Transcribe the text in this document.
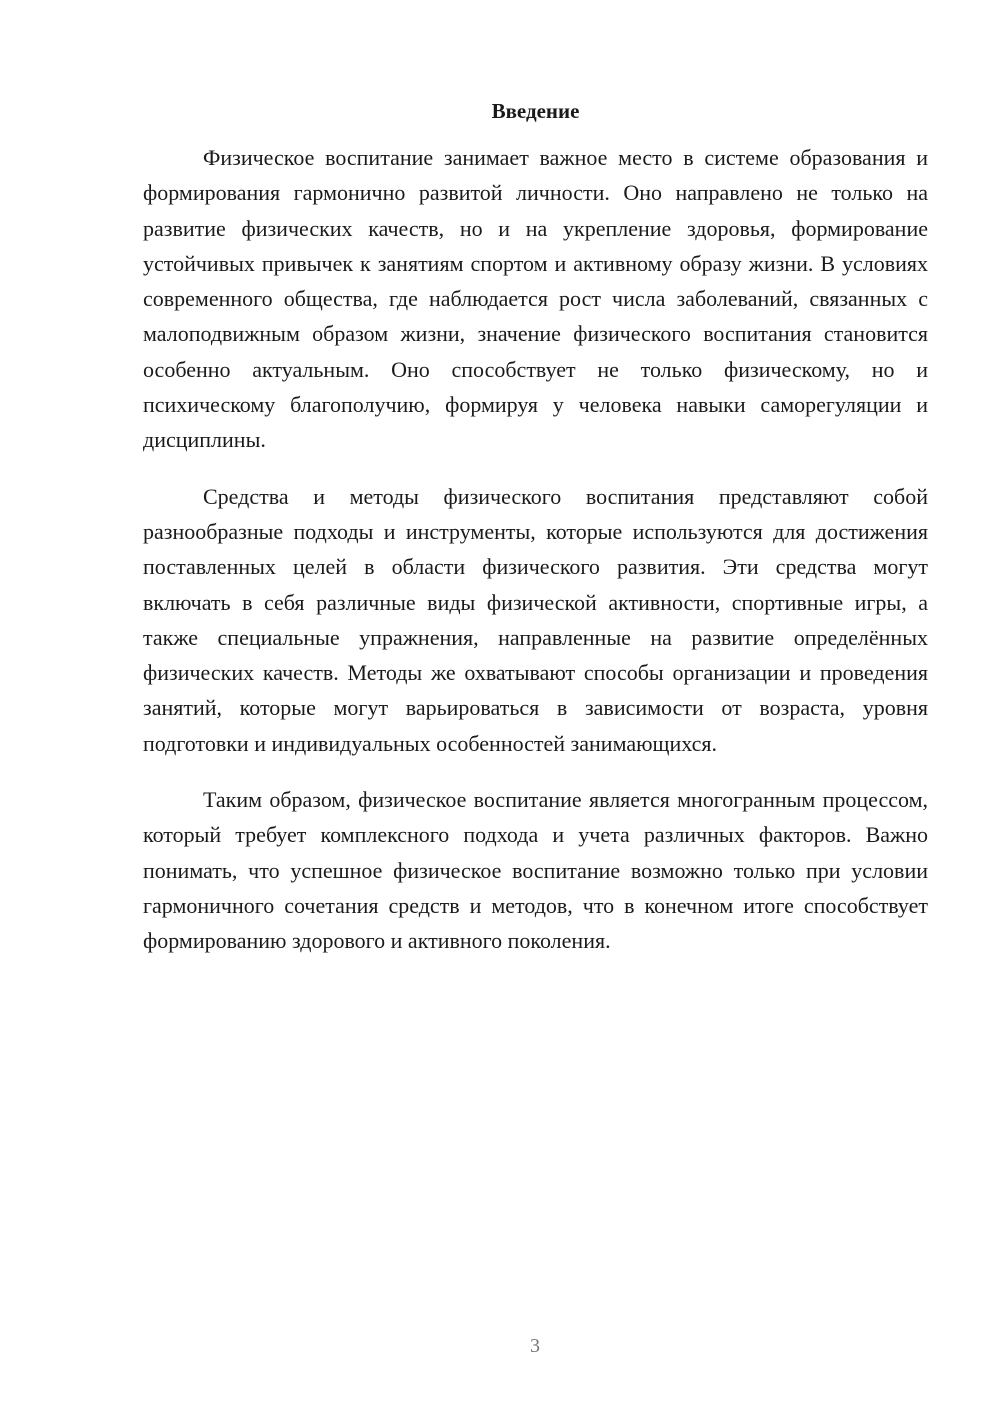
Введение

Физическое воспитание занимает важное место в системе образования и формирования гармонично развитой личности. Оно направлено не только на развитие физических качеств, но и на укрепление здоровья, формирование устойчивых привычек к занятиям спортом и активному образу жизни. В условиях современного общества, где наблюдается рост числа заболеваний, связанных с малоподвижным образом жизни, значение физического воспитания становится особенно актуальным. Оно способствует не только физическому, но и психическому благополучию, формируя у человека навыки саморегуляции и дисциплины.

Средства и методы физического воспитания представляют собой разнообразные подходы и инструменты, которые используются для достижения поставленных целей в области физического развития. Эти средства могут включать в себя различные виды физической активности, спортивные игры, а также специальные упражнения, направленные на развитие определённых физических качеств. Методы же охватывают способы организации и проведения занятий, которые могут варьироваться в зависимости от возраста, уровня подготовки и индивидуальных особенностей занимающихся.

Таким образом, физическое воспитание является многогранным процессом, который требует комплексного подхода и учета различных факторов. Важно понимать, что успешное физическое воспитание возможно только при условии гармоничного сочетания средств и методов, что в конечном итоге способствует формированию здорового и активного поколения.

3
